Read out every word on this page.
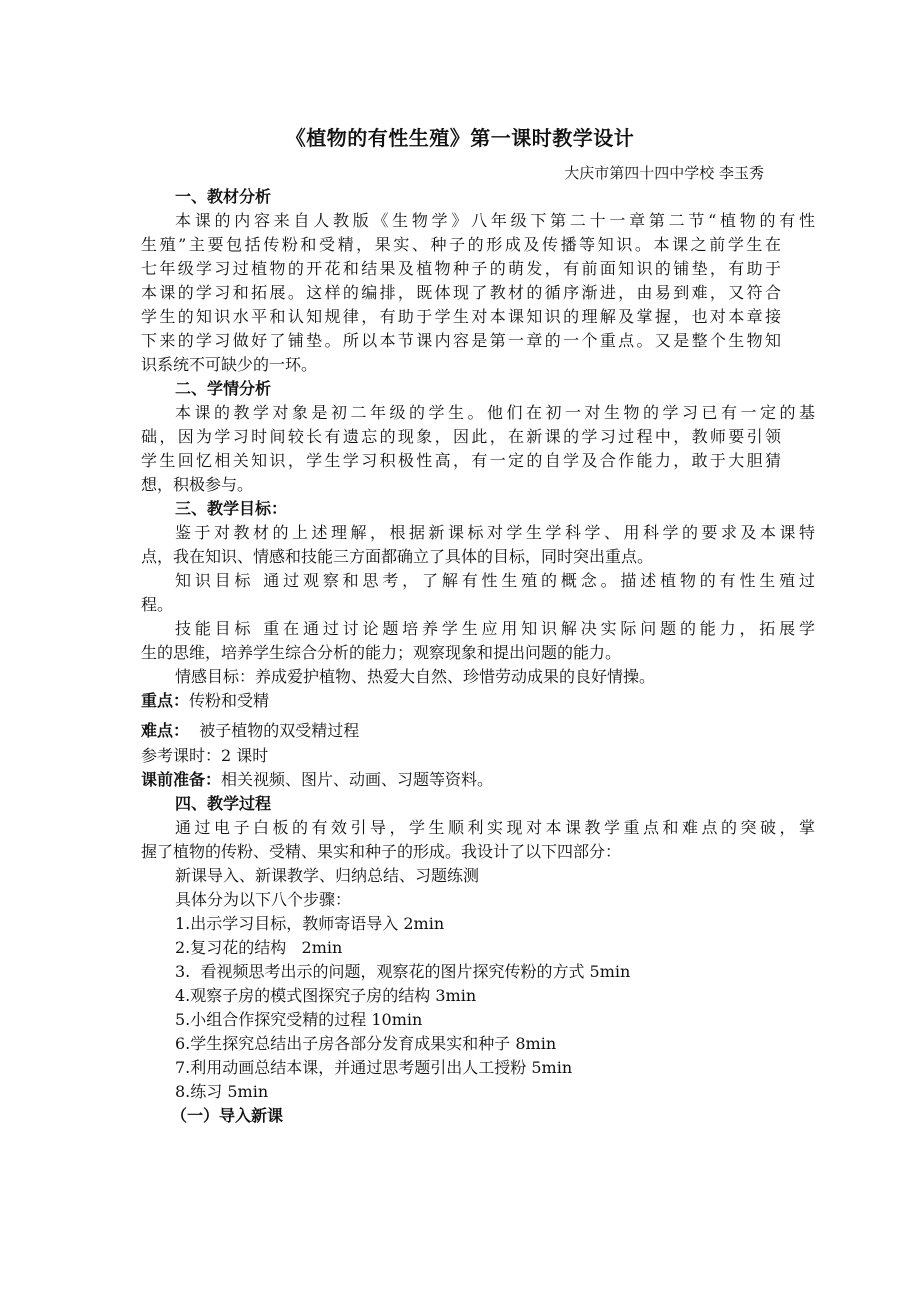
《植物的有性生殖》第一课时教学设计
大庆市第四十四中学校 李玉秀
一、教材分析
本课的内容来自人教版《生物学》八年级下第二十一章第二节“植物的有性
生殖”主要包括传粉和受精，果实、种子的形成及传播等知识。本课之前学生在
七年级学习过植物的开花和结果及植物种子的萌发，有前面知识的铺垫，有助于
本课的学习和拓展。这样的编排，既体现了教材的循序渐进，由易到难，又符合
学生的知识水平和认知规律，有助于学生对本课知识的理解及掌握，也对本章接
下来的学习做好了铺垫。所以本节课内容是第一章的一个重点。又是整个生物知
识系统不可缺少的一环。
二、学情分析
本课的教学对象是初二年级的学生。他们在初一对生物的学习已有一定的基
础，因为学习时间较长有遗忘的现象，因此，在新课的学习过程中，教师要引领
学生回忆相关知识，学生学习积极性高，有一定的自学及合作能力，敢于大胆猜
想，积极参与。
三、教学目标：
鉴于对教材的上述理解，根据新课标对学生学科学、用科学的要求及本课特
点，我在知识、情感和技能三方面都确立了具体的目标，同时突出重点。
知识目标 通过观察和思考，了解有性生殖的概念。描述植物的有性生殖过
程。
技能目标 重在通过讨论题培养学生应用知识解决实际问题的能力，拓展学
生的思维，培养学生综合分析的能力；观察现象和提出问题的能力。
情感目标：养成爱护植物、热爱大自然、珍惜劳动成果的良好情操。
重点：传粉和受精
难点：  被子植物的双受精过程
参考课时：2 课时
课前准备：相关视频、图片、动画、习题等资料。
四、教学过程
通过电子白板的有效引导，学生顺利实现对本课教学重点和难点的突破，掌
握了植物的传粉、受精、果实和种子的形成。我设计了以下四部分：
新课导入、新课教学、归纳总结、习题练测
具体分为以下八个步骤：
1.出示学习目标，教师寄语导入 2min
2.复习花的结构   2min
3.  看视频思考出示的问题，观察花的图片探究传粉的方式 5min
4.观察子房的模式图探究子房的结构 3min
5.小组合作探究受精的过程 10min
6.学生探究总结出子房各部分发育成果实和种子 8min
7.利用动画总结本课，并通过思考题引出人工授粉 5min
8.练习 5min
（一）导入新课
